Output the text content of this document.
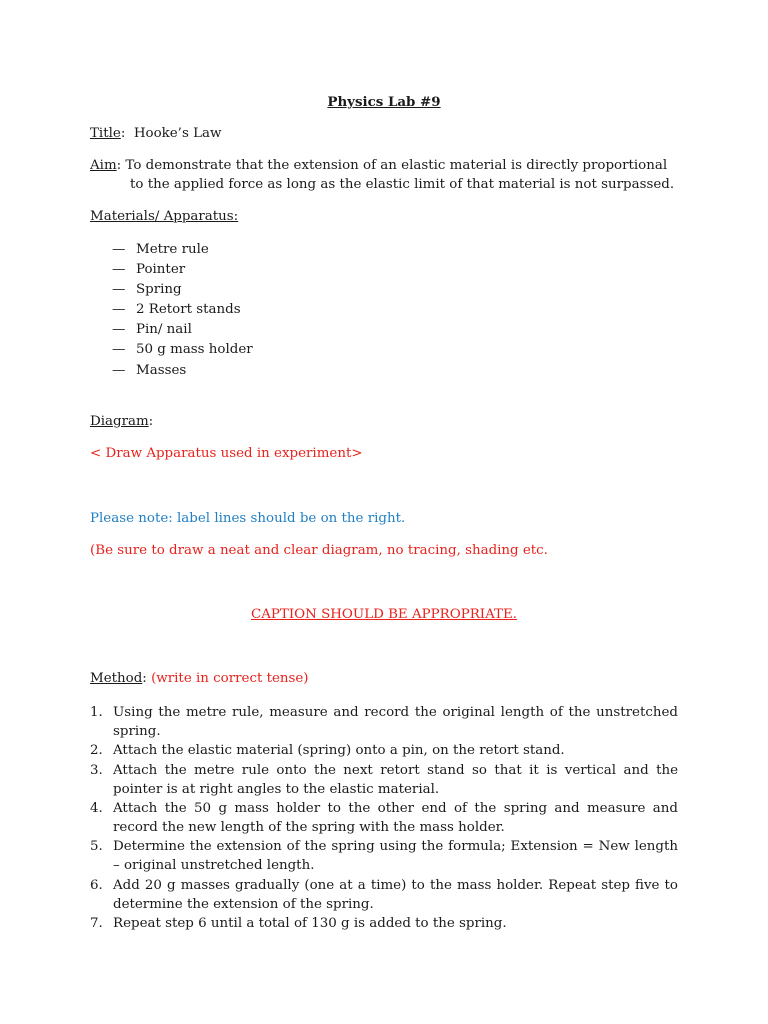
Physics Lab #9
Title:  Hooke’s Law
Aim: To demonstrate that the extension of an elastic material is directly proportional
to the applied force as long as the elastic limit of that material is not surpassed.
Materials/ Apparatus:
— Metre rule
— Pointer
— Spring
— 2 Retort stands
— Pin/ nail
— 50 g mass holder
— Masses
Diagram:
< Draw Apparatus used in experiment>
Please note: label lines should be on the right.
(Be sure to draw a neat and clear diagram, no tracing, shading etc.
CAPTION SHOULD BE APPROPRIATE.
Method: (write in correct tense)
1. Using the metre rule, measure and record the original length of the unstretched spring.
2. Attach the elastic material (spring) onto a pin, on the retort stand.
3. Attach the metre rule onto the next retort stand so that it is vertical and the pointer is at right angles to the elastic material.
4. Attach the 50 g mass holder to the other end of the spring and measure and record the new length of the spring with the mass holder.
5. Determine the extension of the spring using the formula; Extension = New length – original unstretched length.
6. Add 20 g masses gradually (one at a time) to the mass holder. Repeat step five to determine the extension of the spring.
7. Repeat step 6 until a total of 130 g is added to the spring.
